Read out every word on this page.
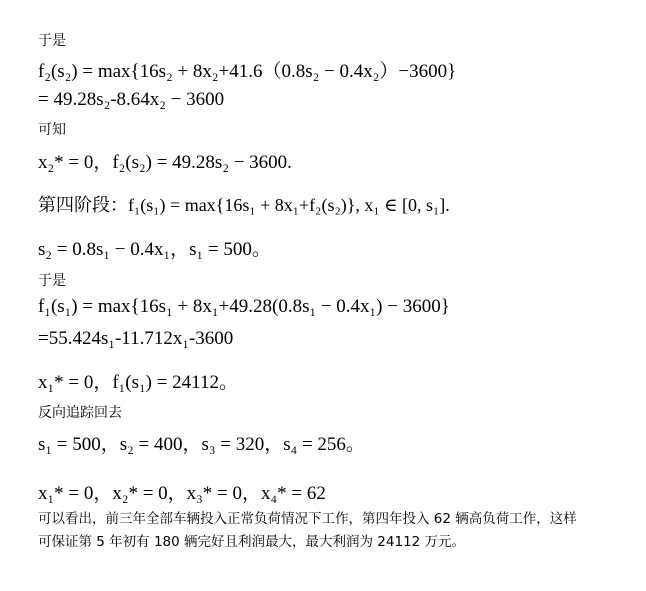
于是
f₂(s₂) = max{16s₂ + 8x₂+41.6（0.8s₂ − 0.4x₂）−3600}
= 49.28s₂-8.64x₂ − 3600
可知
x₂* = 0，f₂(s₂) = 49.28s₂ − 3600.
第四阶段：f₁(s₁) = max{16s₁ + 8x₁+f₂(s₂)}, x₁ ∈ [0, s₁].
s₂ = 0.8s₁ − 0.4x₁，s₁ = 500。
于是
f₁(s₁) = max{16s₁ + 8x₁+49.28(0.8s₁ − 0.4x₁) − 3600}
=55.424s₁-11.712x₁-3600
x₁* = 0，f₁(s₁) = 24112。
反向追踪回去
s₁ = 500，s₂ = 400，s₃ = 320，s₄ = 256。
x₁* = 0，x₂* = 0，x₃* = 0，x₄* = 62
可以看出，前三年全部车辆投入正常负荷情况下工作，第四年投入 62 辆高负荷工作，这样
可保证第 5 年初有 180 辆完好且利润最大，最大利润为 24112 万元。
